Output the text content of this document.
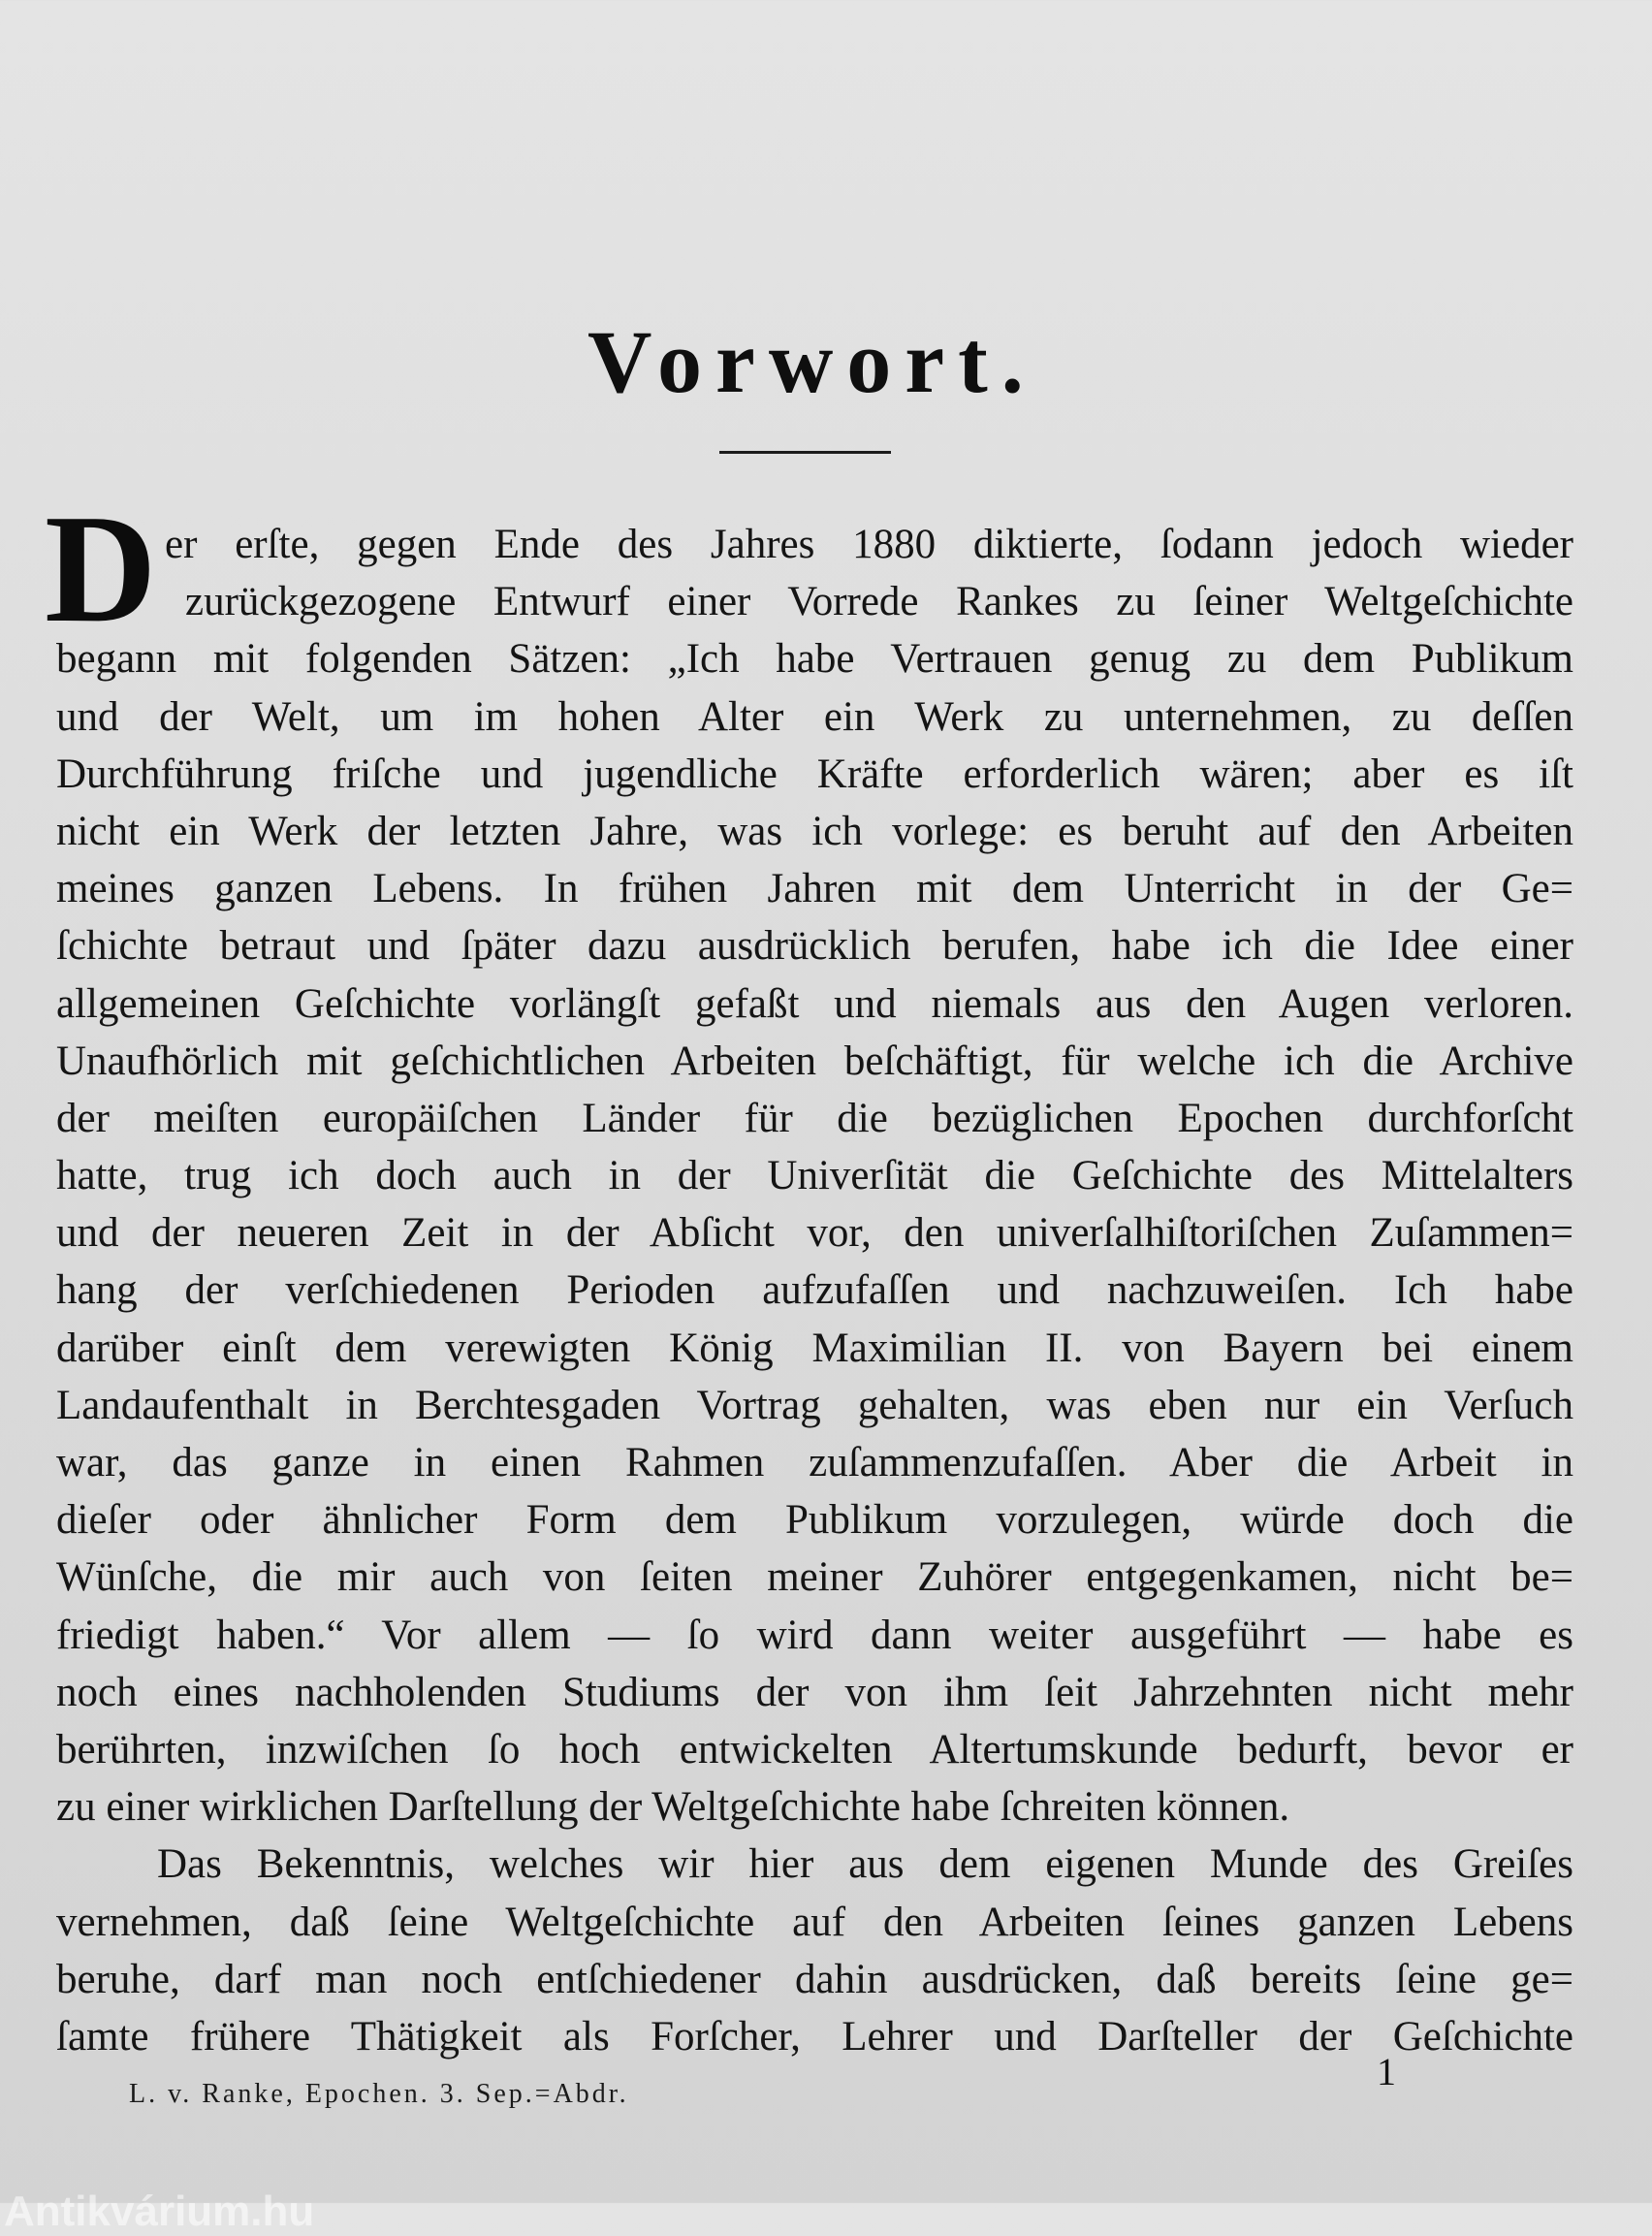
Vorwort.
D er erſte, gegen Ende des Jahres 1880 diktierte, ſodann jedoch wieder
zurückgezogene Entwurf einer Vorrede Rankes zu ſeiner Weltgeſchichte
begann mit folgenden Sätzen: „Ich habe Vertrauen genug zu dem Publikum
und der Welt, um im hohen Alter ein Werk zu unternehmen, zu deſſen
Durchführung friſche und jugendliche Kräfte erforderlich wären; aber es iſt
nicht ein Werk der letzten Jahre, was ich vorlege: es beruht auf den Arbeiten
meines ganzen Lebens. In frühen Jahren mit dem Unterricht in der Ge=
ſchichte betraut und ſpäter dazu ausdrücklich berufen, habe ich die Idee einer
allgemeinen Geſchichte vorlängſt gefaßt und niemals aus den Augen verloren.
Unaufhörlich mit geſchichtlichen Arbeiten beſchäftigt, für welche ich die Archive
der meiſten europäiſchen Länder für die bezüglichen Epochen durchforſcht
hatte, trug ich doch auch in der Univerſität die Geſchichte des Mittelalters
und der neueren Zeit in der Abſicht vor, den univerſalhiſtoriſchen Zuſammen=
hang der verſchiedenen Perioden aufzufaſſen und nachzuweiſen. Ich habe
darüber einſt dem verewigten König Maximilian II. von Bayern bei einem
Landaufenthalt in Berchtesgaden Vortrag gehalten, was eben nur ein Verſuch
war, das ganze in einen Rahmen zuſammenzufaſſen. Aber die Arbeit in
dieſer oder ähnlicher Form dem Publikum vorzulegen, würde doch die
Wünſche, die mir auch von ſeiten meiner Zuhörer entgegenkamen, nicht be=
friedigt haben.“ Vor allem — ſo wird dann weiter ausgeführt — habe es
noch eines nachholenden Studiums der von ihm ſeit Jahrzehnten nicht mehr
berührten, inzwiſchen ſo hoch entwickelten Altertumskunde bedurft, bevor er
zu einer wirklichen Darſtellung der Weltgeſchichte habe ſchreiten können.
Das Bekenntnis, welches wir hier aus dem eigenen Munde des Greiſes
vernehmen, daß ſeine Weltgeſchichte auf den Arbeiten ſeines ganzen Lebens
beruhe, darf man noch entſchiedener dahin ausdrücken, daß bereits ſeine ge=
ſamte frühere Thätigkeit als Forſcher, Lehrer und Darſteller der Geſchichte
L. v. Ranke, Epochen. 3. Sep.=Abdr.
1
Antikvárium.hu
